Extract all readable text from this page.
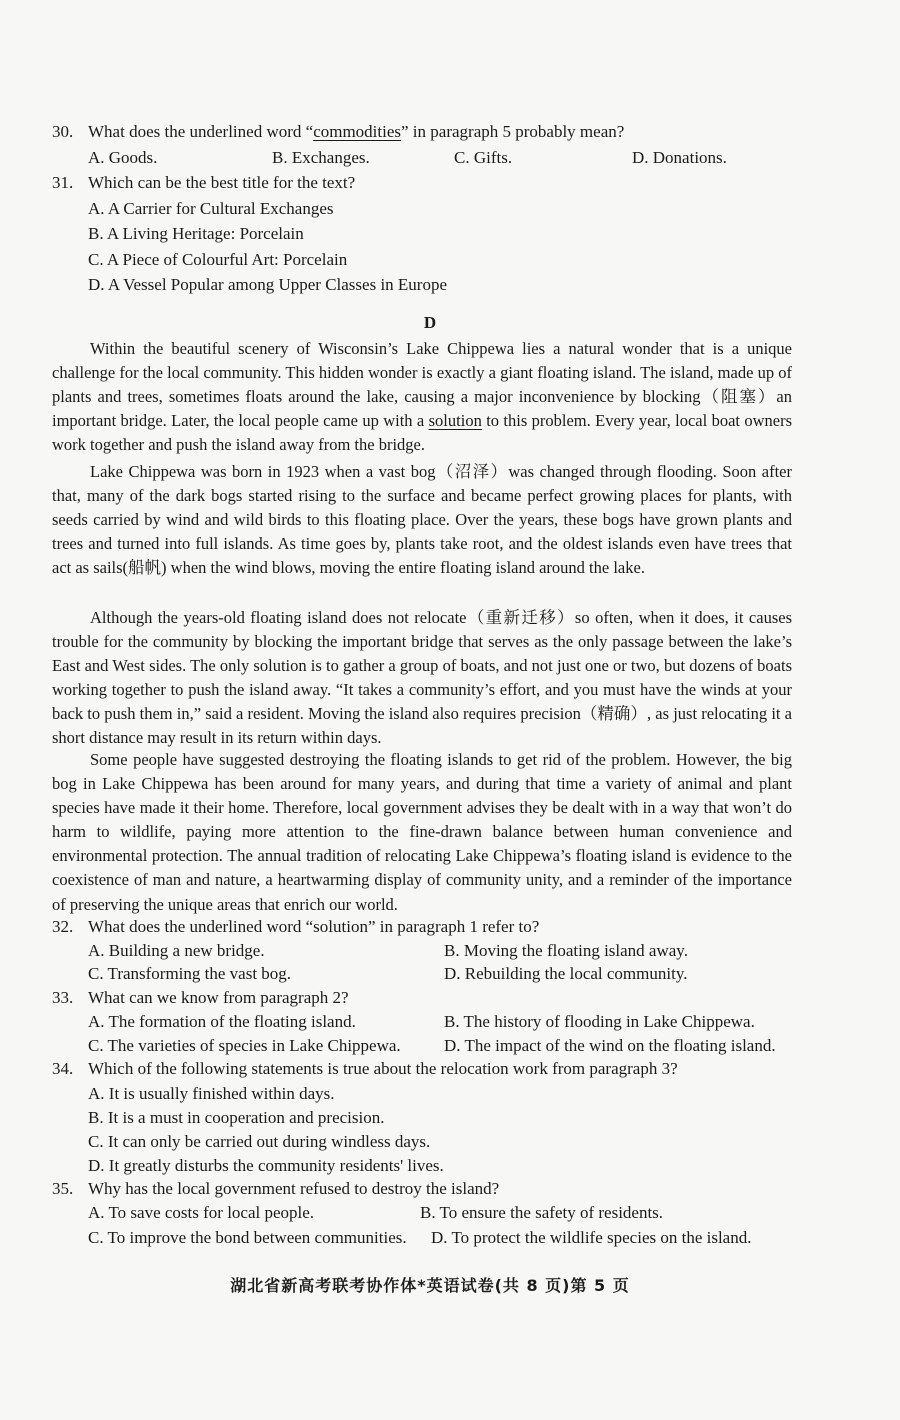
30. What does the underlined word “commodities” in paragraph 5 probably mean?
A. Goods.	B. Exchanges.	C. Gifts.	D. Donations.
31. Which can be the best title for the text?
A. A Carrier for Cultural Exchanges
B. A Living Heritage: Porcelain
C. A Piece of Colourful Art: Porcelain
D. A Vessel Popular among Upper Classes in Europe
D

Within the beautiful scenery of Wisconsin’s Lake Chippewa lies a natural wonder that is a unique challenge for the local community. This hidden wonder is exactly a giant floating island. The island, made up of plants and trees, sometimes floats around the lake, causing a major inconvenience by blocking（阻塞）an important bridge. Later, the local people came up with a solution to this problem. Every year, local boat owners work together and push the island away from the bridge.

Lake Chippewa was born in 1923 when a vast bog（沼泽）was changed through flooding. Soon after that, many of the dark bogs started rising to the surface and became perfect growing places for plants, with seeds carried by wind and wild birds to this floating place. Over the years, these bogs have grown plants and trees and turned into full islands. As time goes by, plants take root, and the oldest islands even have trees that act as sails(船帆) when the wind blows, moving the entire floating island around the lake.

Although the years-old floating island does not relocate（重新迁移）so often, when it does, it causes trouble for the community by blocking the important bridge that serves as the only passage between the lake’s East and West sides. The only solution is to gather a group of boats, and not just one or two, but dozens of boats working together to push the island away. “It takes a community’s effort, and you must have the winds at your back to push them in,” said a resident. Moving the island also requires precision（精确）, as just relocating it a short distance may result in its return within days.

Some people have suggested destroying the floating islands to get rid of the problem. However, the big bog in Lake Chippewa has been around for many years, and during that time a variety of animal and plant species have made it their home. Therefore, local government advises they be dealt with in a way that won’t do harm to wildlife, paying more attention to the fine-drawn balance between human convenience and environmental protection. The annual tradition of relocating Lake Chippewa’s floating island is evidence to the coexistence of man and nature, a heartwarming display of community unity, and a reminder of the importance of preserving the unique areas that enrich our world.

32. What does the underlined word “solution” in paragraph 1 refer to?
A. Building a new bridge.	B. Moving the floating island away.
C. Transforming the vast bog.	D. Rebuilding the local community.
33. What can we know from paragraph 2?
A. The formation of the floating island.	B. The history of flooding in Lake Chippewa.
C. The varieties of species in Lake Chippewa.	D. The impact of the wind on the floating island.
34. Which of the following statements is true about the relocation work from paragraph 3?
A. It is usually finished within days.
B. It is a must in cooperation and precision.
C. It can only be carried out during windless days.
D. It greatly disturbs the community residents' lives.
35. Why has the local government refused to destroy the island?
A. To save costs for local people.	B. To ensure the safety of residents.
C. To improve the bond between communities. D. To protect the wildlife species on the island.
湖北省新高考联考协作体*英语试卷(共 8 页)第 5 页
